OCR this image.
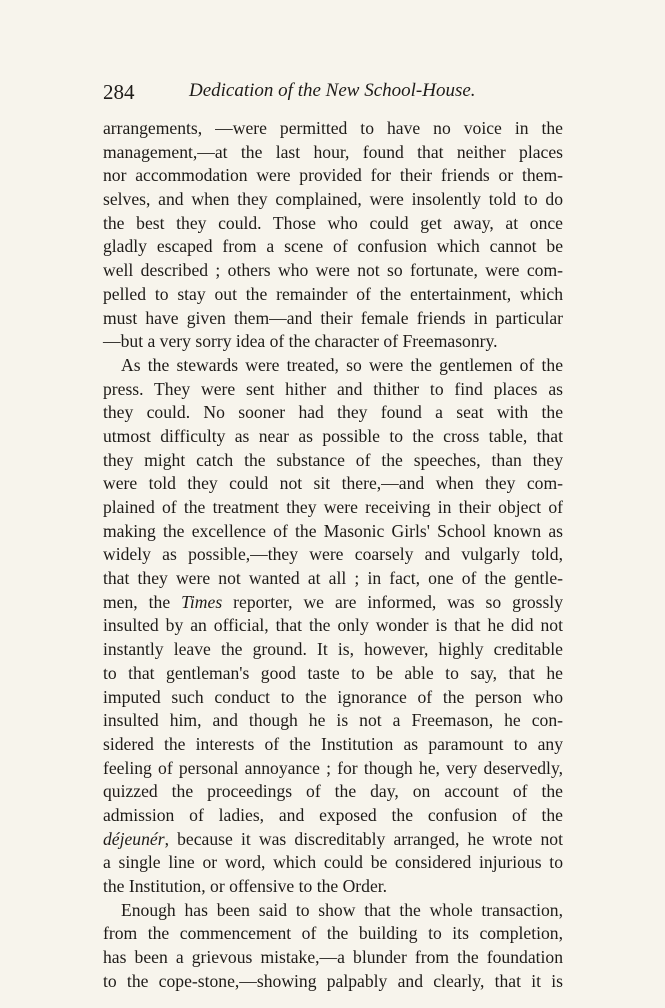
284	Dedication of the New School-House.
arrangements, —were permitted to have no voice in the
management,—at the last hour, found that neither places
nor accommodation were provided for their friends or them-
selves, and when they complained, were insolently told to do
the best they could. Those who could get away, at once
gladly escaped from a scene of confusion which cannot be
well described ; others who were not so fortunate, were com-
pelled to stay out the remainder of the entertainment, which
must have given them—and their female friends in particular
—but a very sorry idea of the character of Freemasonry.
As the stewards were treated, so were the gentlemen of the
press. They were sent hither and thither to find places as
they could. No sooner had they found a seat with the
utmost difficulty as near as possible to the cross table, that
they might catch the substance of the speeches, than they
were told they could not sit there,—and when they com-
plained of the treatment they were receiving in their object of
making the excellence of the Masonic Girls' School known as
widely as possible,—they were coarsely and vulgarly told,
that they were not wanted at all ; in fact, one of the gentle-
men, the Times reporter, we are informed, was so grossly
insulted by an official, that the only wonder is that he did not
instantly leave the ground. It is, however, highly creditable
to that gentleman's good taste to be able to say, that he
imputed such conduct to the ignorance of the person who
insulted him, and though he is not a Freemason, he con-
sidered the interests of the Institution as paramount to any
feeling of personal annoyance ; for though he, very deservedly,
quizzed the proceedings of the day, on account of the
admission of ladies, and exposed the confusion of the
déjeunér, because it was discreditably arranged, he wrote not
a single line or word, which could be considered injurious to
the Institution, or offensive to the Order.
Enough has been said to show that the whole transaction,
from the commencement of the building to its completion,
has been a grievous mistake,—a blunder from the foundation
to the cope-stone,—showing palpably and clearly, that it is
